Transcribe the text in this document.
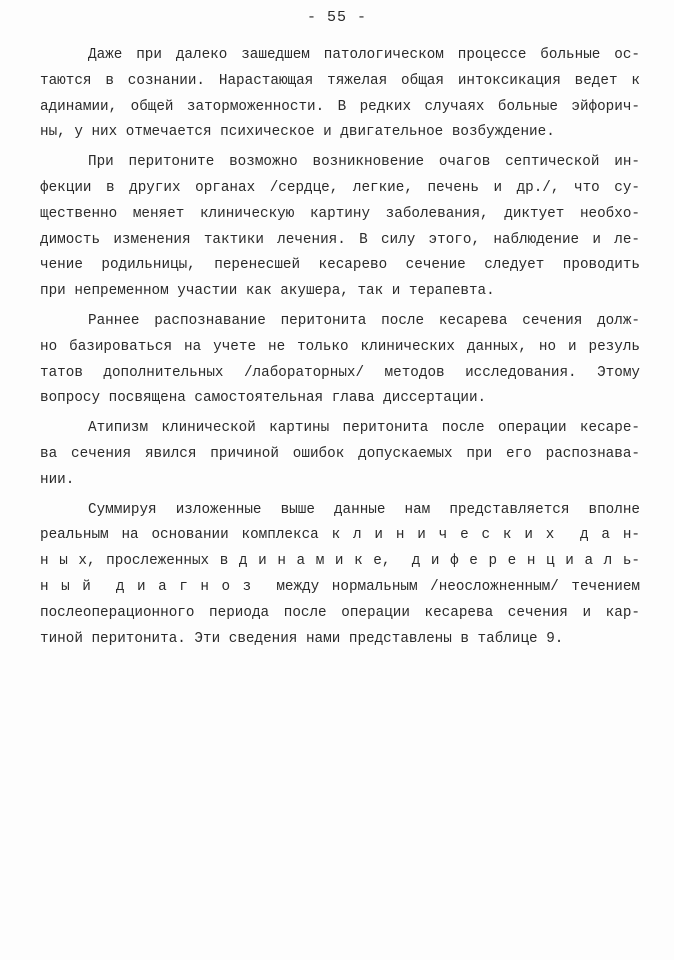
- 55 -
Даже при далеко зашедшем патологическом процессе больные ос-
таются в сознании. Нарастающая тяжелая общая интоксикация ведет к
адинамии, общей заторможенности. В редких случаях больные эйфорич-
ны, у них отмечается психическое и двигательное возбуждение.
При перитоните возможно возникновение очагов септической ин-
фекции в других органах /сердце, легкие, печень и др./, что су-
щественно меняет клиническую картину заболевания, диктует необхо-
димость изменения тактики лечения. В силу этого, наблюдение и ле-
чение родильницы, перенесшей кесарево сечение следует проводить
при непременном участии как акушера, так и терапевта.
Раннее распознавание перитонита после кесарева сечения долж-
но базироваться на учете не только клинических данных, но и резуль
татов дополнительных /лабораторных/ методов исследования. Этому
вопросу посвящена самостоятельная глава диссертации.
Атипизм клинической картины перитонита после операции кесаре-
ва сечения явился причиной ошибок допускаемых при его распознава-
нии.
Суммируя изложенные выше данные нам представляется вполне
реальным на основании комплекса к л и н и ч е с к и х  д а н-
н ы х, прослеженных в д и н а м и к е,  д и ф е р е н ц и а л ь-
н ы й  д и а г н о з  между нормальным /неосложненным/ течением
послеоперационного периода после операции кесарева сечения и кар-
тиной перитонита. Эти сведения нами представлены в таблице 9.
